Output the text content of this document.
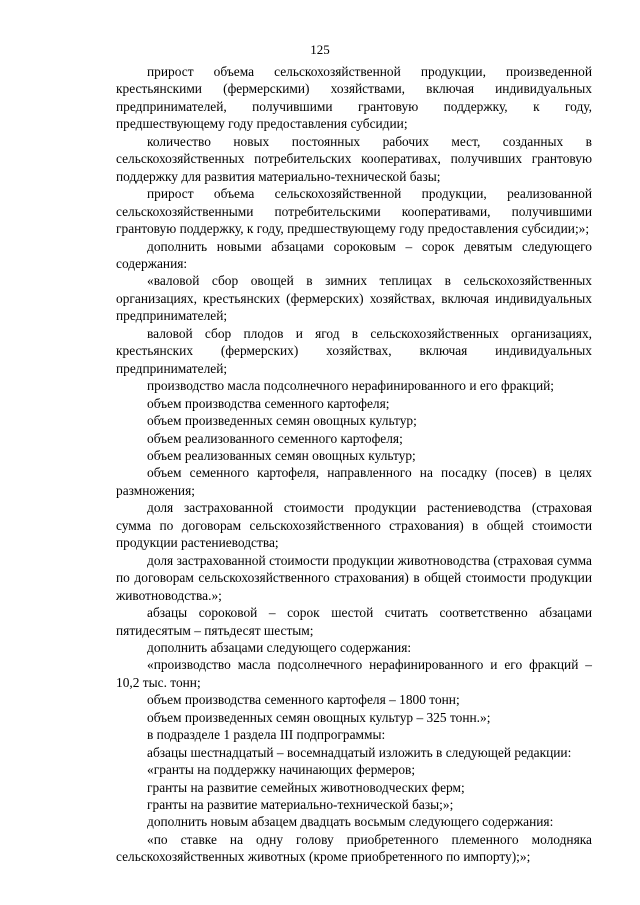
125

прирост объема сельскохозяйственной продукции, произведенной крестьянскими (фермерскими) хозяйствами, включая индивидуальных предпринимателей, получившими грантовую поддержку, к году, предшествующему году предоставления субсидии;

количество новых постоянных рабочих мест, созданных в сельскохозяйственных потребительских кооперативах, получивших грантовую поддержку для развития материально-технической базы;

прирост объема сельскохозяйственной продукции, реализованной сельскохозяйственными потребительскими кооперативами, получившими грантовую поддержку, к году, предшествующему году предоставления субсидии;»;

дополнить новыми абзацами сороковым – сорок девятым следующего содержания:

«валовой сбор овощей в зимних теплицах в сельскохозяйственных организациях, крестьянских (фермерских) хозяйствах, включая индивидуальных предпринимателей;

валовой сбор плодов и ягод в сельскохозяйственных организациях, крестьянских (фермерских) хозяйствах, включая индивидуальных предпринимателей;

производство масла подсолнечного нерафинированного и его фракций;

объем производства семенного картофеля;

объем произведенных семян овощных культур;

объем реализованного семенного картофеля;

объем реализованных семян овощных культур;

объем семенного картофеля, направленного на посадку (посев) в целях размножения;

доля застрахованной стоимости продукции растениеводства (страховая сумма по договорам сельскохозяйственного страхования) в общей стоимости продукции растениеводства;

доля застрахованной стоимости продукции животноводства (страховая сумма по договорам сельскохозяйственного страхования) в общей стоимости продукции животноводства.»;

абзацы сороковой – сорок шестой считать соответственно абзацами пятидесятым – пятьдесят шестым;

дополнить абзацами следующего содержания:

«производство масла подсолнечного нерафинированного и его фракций – 10,2 тыс. тонн;

объем производства семенного картофеля – 1800 тонн;

объем произведенных семян овощных культур – 325 тонн.»;

в подразделе 1 раздела III подпрограммы:

абзацы шестнадцатый – восемнадцатый изложить в следующей редакции:

«гранты на поддержку начинающих фермеров;

гранты на развитие семейных животноводческих ферм;

гранты на развитие материально-технической базы;»;

дополнить новым абзацем двадцать восьмым следующего содержания:

«по ставке на одну голову приобретенного племенного молодняка сельскохозяйственных животных (кроме приобретенного по импорту);»;
